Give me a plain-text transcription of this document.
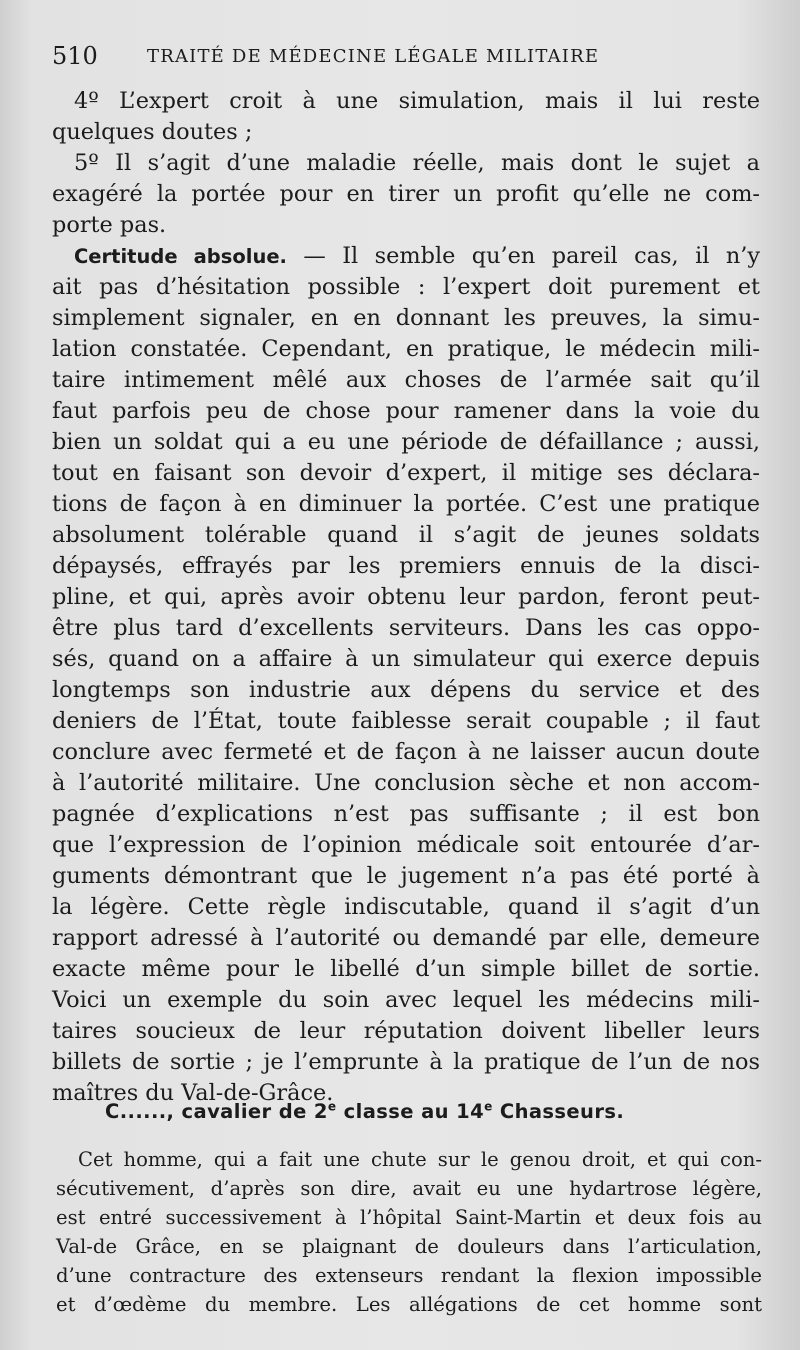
510	TRAITÉ DE MÉDECINE LÉGALE MILITAIRE

4º L’expert croit à une simulation, mais il lui reste
quelques doutes ;

5º Il s’agit d’une maladie réelle, mais dont le sujet a
exagéré la portée pour en tirer un profit qu’elle ne com-
porte pas.

Certitude absolue. — Il semble qu’en pareil cas, il n’y
ait pas d’hésitation possible : l’expert doit purement et
simplement signaler, en en donnant les preuves, la simu-
lation constatée. Cependant, en pratique, le médecin mili-
taire intimement mêlé aux choses de l’armée sait qu’il
faut parfois peu de chose pour ramener dans la voie du
bien un soldat qui a eu une période de défaillance ; aussi,
tout en faisant son devoir d’expert, il mitige ses déclara-
tions de façon à en diminuer la portée. C’est une pratique
absolument tolérable quand il s’agit de jeunes soldats
dépaysés, effrayés par les premiers ennuis de la disci-
pline, et qui, après avoir obtenu leur pardon, feront peut-
être plus tard d’excellents serviteurs. Dans les cas oppo-
sés, quand on a affaire à un simulateur qui exerce depuis
longtemps son industrie aux dépens du service et des
deniers de l’État, toute faiblesse serait coupable ; il faut
conclure avec fermeté et de façon à ne laisser aucun doute
à l’autorité militaire. Une conclusion sèche et non accom-
pagnée d’explications n’est pas suffisante ; il est bon
que l’expression de l’opinion médicale soit entourée d’ar-
guments démontrant que le jugement n’a pas été porté à
la légère. Cette règle indiscutable, quand il s’agit d’un
rapport adressé à l’autorité ou demandé par elle, demeure
exacte même pour le libellé d’un simple billet de sortie.
Voici un exemple du soin avec lequel les médecins mili-
taires soucieux de leur réputation doivent libeller leurs
billets de sortie ; je l’emprunte à la pratique de l’un de nos
maîtres du Val-de-Grâce.

C......, cavalier de 2e classe au 14e Chasseurs.
Cet homme, qui a fait une chute sur le genou droit, et qui con-
sécutivement, d’après son dire, avait eu une hydartrose légère,
est entré successivement à l’hôpital Saint-Martin et deux fois au
Val-de Grâce, en se plaignant de douleurs dans l’articulation,
d’une contracture des extenseurs rendant la flexion impossible
et d’œdème du membre. Les allégations de cet homme sont
